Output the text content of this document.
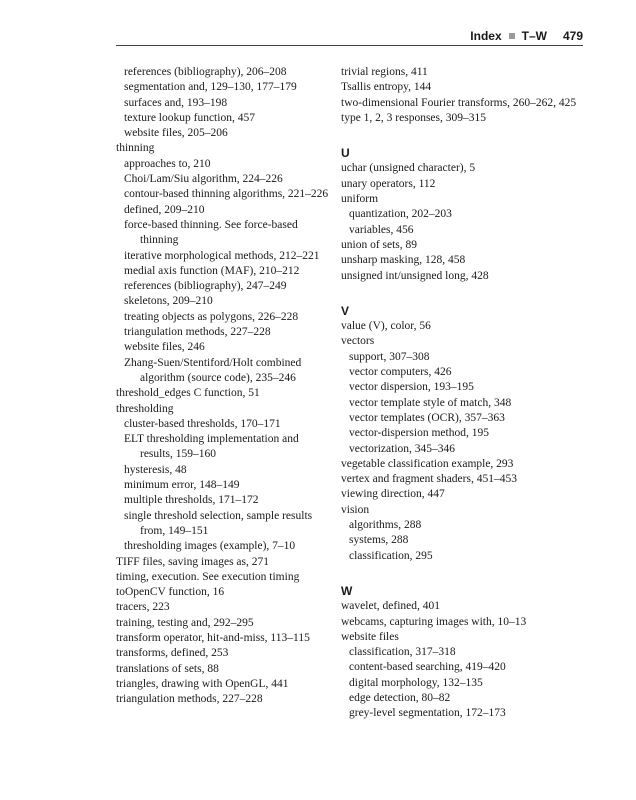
Index T–W 479
references (bibliography), 206–208
segmentation and, 129–130, 177–179
surfaces and, 193–198
texture lookup function, 457
website files, 205–206
thinning
approaches to, 210
Choi/Lam/Siu algorithm, 224–226
contour-based thinning algorithms, 221–226
defined, 209–210
force-based thinning. See force-based thinning
iterative morphological methods, 212–221
medial axis function (MAF), 210–212
references (bibliography), 247–249
skeletons, 209–210
treating objects as polygons, 226–228
triangulation methods, 227–228
website files, 246
Zhang-Suen/Stentiford/Holt combined algorithm (source code), 235–246
threshold_edges C function, 51
thresholding
cluster-based thresholds, 170–171
ELT thresholding implementation and results, 159–160
hysteresis, 48
minimum error, 148–149
multiple thresholds, 171–172
single threshold selection, sample results from, 149–151
thresholding images (example), 7–10
TIFF files, saving images as, 271
timing, execution. See execution timing
toOpenCV function, 16
tracers, 223
training, testing and, 292–295
transform operator, hit-and-miss, 113–115
transforms, defined, 253
translations of sets, 88
triangles, drawing with OpenGL, 441
triangulation methods, 227–228
trivial regions, 411
Tsallis entropy, 144
two-dimensional Fourier transforms, 260–262, 425
type 1, 2, 3 responses, 309–315
U
uchar (unsigned character), 5
unary operators, 112
uniform
quantization, 202–203
variables, 456
union of sets, 89
unsharp masking, 128, 458
unsigned int/unsigned long, 428
V
value (V), color, 56
vectors
support, 307–308
vector computers, 426
vector dispersion, 193–195
vector template style of match, 348
vector templates (OCR), 357–363
vector-dispersion method, 195
vectorization, 345–346
vegetable classification example, 293
vertex and fragment shaders, 451–453
viewing direction, 447
vision
algorithms, 288
systems, 288
classification, 295
W
wavelet, defined, 401
webcams, capturing images with, 10–13
website files
classification, 317–318
content-based searching, 419–420
digital morphology, 132–135
edge detection, 80–82
grey-level segmentation, 172–173
